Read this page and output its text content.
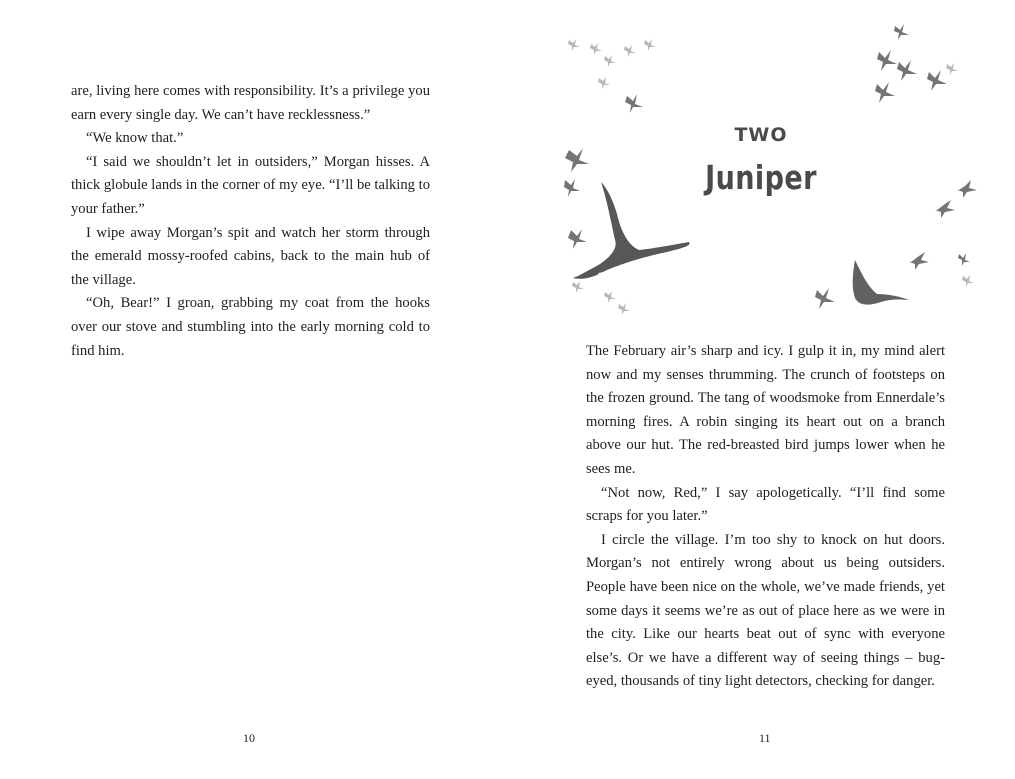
are, living here comes with responsibility. It’s a privilege you earn every single day. We can’t have recklessness.”

“We know that.”

“I said we shouldn’t let in outsiders,” Morgan hisses. A thick globule lands in the corner of my eye. “I’ll be talking to your father.”

I wipe away Morgan’s spit and watch her storm through the emerald mossy-roofed cabins, back to the main hub of the village.

“Oh, Bear!” I groan, grabbing my coat from the hooks over our stove and stumbling into the early morning cold to find him.

10
TWO
Juniper

The February air’s sharp and icy. I gulp it in, my mind alert now and my senses thrumming. The crunch of footsteps on the frozen ground. The tang of woodsmoke from Ennerdale’s morning fires. A robin singing its heart out on a branch above our hut. The red-breasted bird jumps lower when he sees me.

“Not now, Red,” I say apologetically. “I’ll find some scraps for you later.”

I circle the village. I’m too shy to knock on hut doors. Morgan’s not entirely wrong about us being outsiders. People have been nice on the whole, we’ve made friends, yet some days it seems we’re as out of place here as we were in the city. Like our hearts beat out of sync with everyone else’s. Or we have a different way of seeing things – bug-eyed, thousands of tiny light detectors, checking for danger.

11
